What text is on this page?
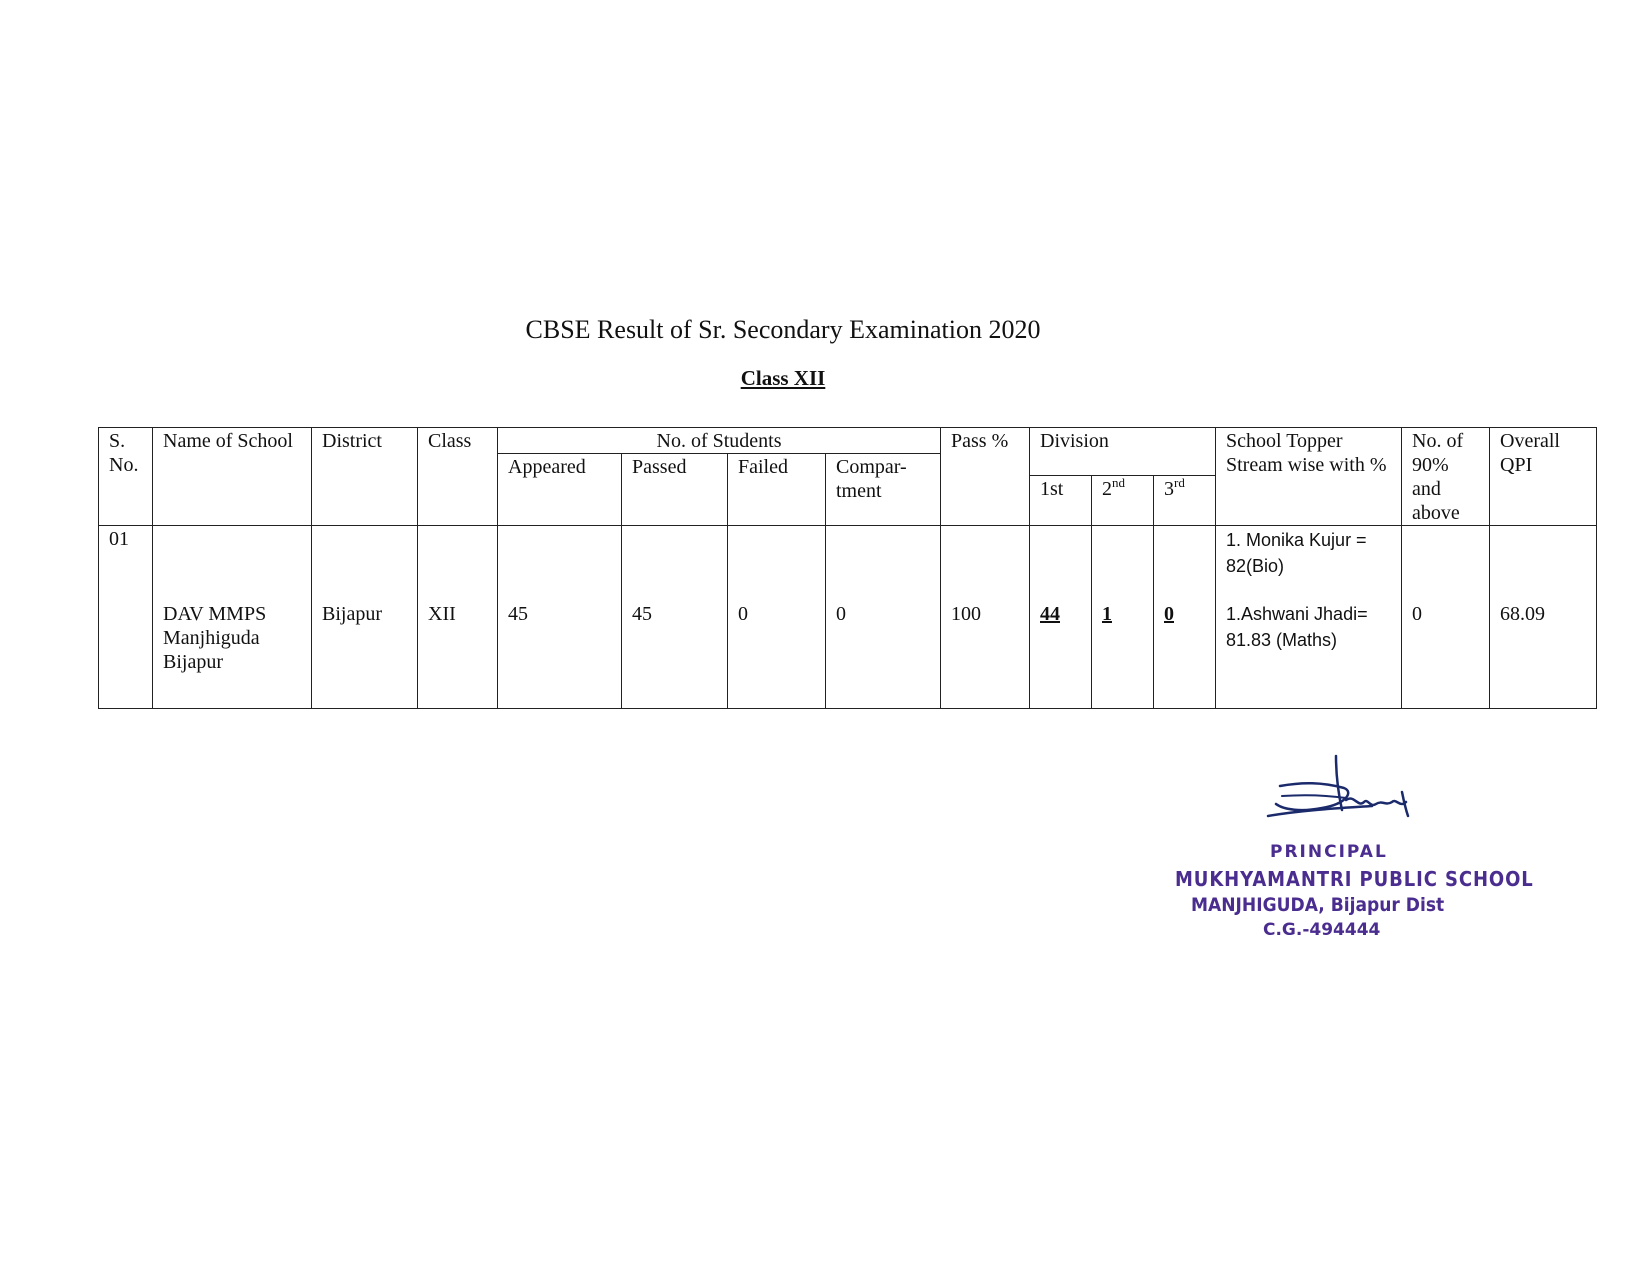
CBSE Result of Sr. Secondary Examination 2020
Class XII
S. No.	Name of School	District	Class	No. of Students				Pass %	Division			School Topper Stream wise with %	No. of 90% and above	Overall QPI
				Appeared	Passed	Failed	Compar- tment							
									1st	2nd	3rd
01	DAV MMPS Manjhiguda Bijapur	Bijapur	XII	45	45	0	0	100	44	1	0	1. Monika Kujur = 82(Bio)
1.Ashwani Jhadi= 81.83 (Maths)	0	68.09
PRINCIPAL
MUKHYAMANTRI PUBLIC SCHOOL
MANJHIGUDA, Bijapur Dist
C.G.-494444
